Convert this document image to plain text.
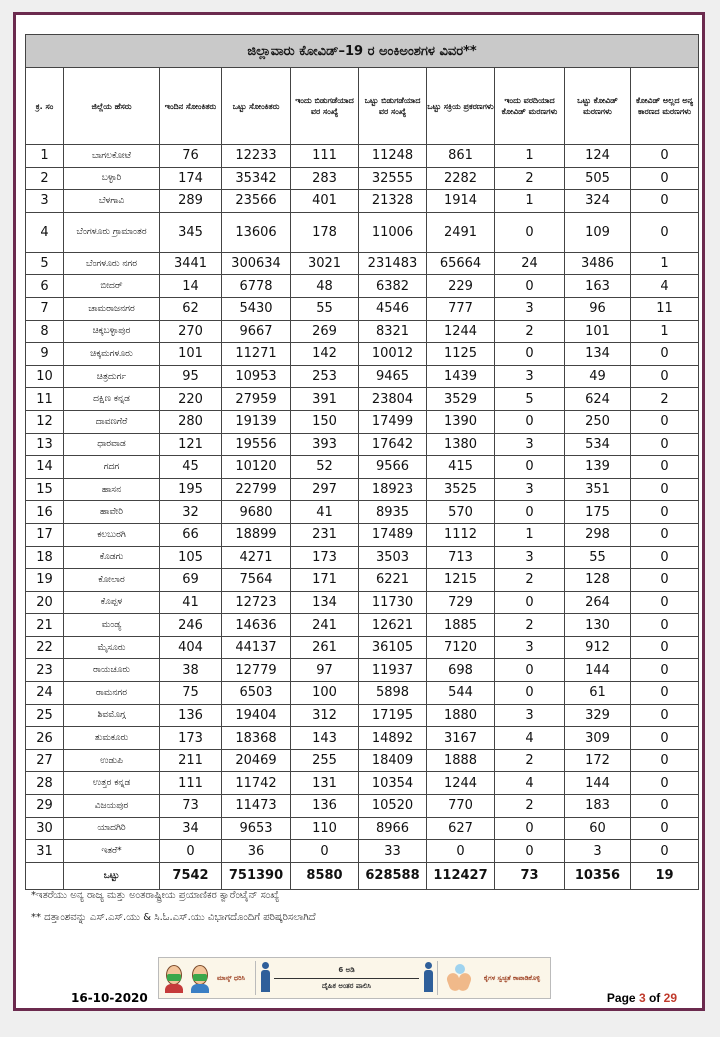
ಜಿಲ್ಲಾವಾರು ಕೋವಿಡ್–19 ರ ಅಂಕಿಅಂಶಗಳ ವಿವರ**									
ಕ್ರ. ಸಂ	ಜಿಲ್ಲೆಯ ಹೆಸರು	ಇಂದಿನ ಸೋಂಕಿತರು	ಒಟ್ಟು ಸೋಂಕಿತರು	ಇಂದು ಬಿಡುಗಡೆಯಾದ ವರ ಸಂಖ್ಯೆ	ಒಟ್ಟು ಬಿಡುಗಡೆಯಾದ ವರ ಸಂಖ್ಯೆ	ಒಟ್ಟು ಸಕ್ರಿಯ ಪ್ರಕರಣಗಳು	ಇಂದು ವರದಿಯಾದ ಕೋವಿಡ್ ಮರಣಗಳು	ಒಟ್ಟು ಕೋವಿಡ್ ಮರಣಗಳು	ಕೋವಿಡ್ ಅಲ್ಲದ ಅನ್ಯ ಕಾರಣದ ಮರಣಗಳು
1	ಬಾಗಲಕೋಟೆ	76	12233	111	11248	861	1	124	0
2	ಬಳ್ಳಾರಿ	174	35342	283	32555	2282	2	505	0
3	ಬೆಳಗಾವಿ	289	23566	401	21328	1914	1	324	0
4	ಬೆಂಗಳೂರು ಗ್ರಾಮಾಂತರ	345	13606	178	11006	2491	0	109	0
5	ಬೆಂಗಳೂರು ನಗರ	3441	300634	3021	231483	65664	24	3486	1
6	ಬೀದರ್	14	6778	48	6382	229	0	163	4
7	ಚಾಮರಾಜನಗರ	62	5430	55	4546	777	3	96	11
8	ಚಿಕ್ಕಬಳ್ಳಾಪುರ	270	9667	269	8321	1244	2	101	1
9	ಚಿಕ್ಕಮಗಳೂರು	101	11271	142	10012	1125	0	134	0
10	ಚಿತ್ರದುರ್ಗ	95	10953	253	9465	1439	3	49	0
11	ದಕ್ಷಿಣ ಕನ್ನಡ	220	27959	391	23804	3529	5	624	2
12	ದಾವಣಗೆರೆ	280	19139	150	17499	1390	0	250	0
13	ಧಾರವಾಡ	121	19556	393	17642	1380	3	534	0
14	ಗದಗ	45	10120	52	9566	415	0	139	0
15	ಹಾಸನ	195	22799	297	18923	3525	3	351	0
16	ಹಾವೇರಿ	32	9680	41	8935	570	0	175	0
17	ಕಲಬುರಗಿ	66	18899	231	17489	1112	1	298	0
18	ಕೊಡಗು	105	4271	173	3503	713	3	55	0
19	ಕೋಲಾರ	69	7564	171	6221	1215	2	128	0
20	ಕೊಪ್ಪಳ	41	12723	134	11730	729	0	264	0
21	ಮಂಡ್ಯ	246	14636	241	12621	1885	2	130	0
22	ಮೈಸೂರು	404	44137	261	36105	7120	3	912	0
23	ರಾಯಚೂರು	38	12779	97	11937	698	0	144	0
24	ರಾಮನಗರ	75	6503	100	5898	544	0	61	0
25	ಶಿವಮೊಗ್ಗ	136	19404	312	17195	1880	3	329	0
26	ತುಮಕೂರು	173	18368	143	14892	3167	4	309	0
27	ಉಡುಪಿ	211	20469	255	18409	1888	2	172	0
28	ಉತ್ತರ ಕನ್ನಡ	111	11742	131	10354	1244	4	144	0
29	ವಿಜಯಪುರ	73	11473	136	10520	770	2	183	0
30	ಯಾದಗಿರಿ	34	9653	110	8966	627	0	60	0
31	ಇತರೆ*	0	36	0	33	0	0	3	0
	ಒಟ್ಟು	7542	751390	8580	628588	112427	73	10356	19
*ಇತರೆಯು ಅನ್ಯ ರಾಜ್ಯ ಮತ್ತು ಅಂತರಾಷ್ಟ್ರೀಯ ಪ್ರಯಾಣಿಕರ ಕ್ವಾರೆಂಟೈನ್ ಸಂಖ್ಯೆ
** ದತ್ತಾಂಶವನ್ನು ಎಸ್.ಎಸ್.ಯು & ಸಿ.ಓ.ಎಸ್.ಯು ವಿಭಾಗದೊಂದಿಗೆ ಪರಿಷ್ಕರಿಸಲಾಗಿದೆ
ಮಾಸ್ಕ್ ಧರಿಸಿ
6 ಅಡಿ
ದೈಹಿಕ ಅಂತರ ಪಾಲಿಸಿ
ಕೈಗಳ ಸ್ವಚ್ಛತೆ ಕಾಪಾಡಿಕೊಳ್ಳಿ
16-10-2020	Page 3 of 29
